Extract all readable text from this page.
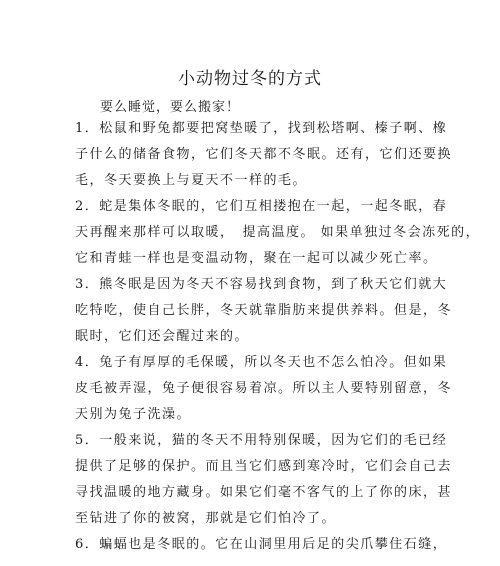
小动物过冬的方式
要么睡觉，要么搬家！
1．松鼠和野兔都要把窝垫暖了，找到松塔啊、榛子啊、橡
子什么的储备食物，它们冬天都不冬眠。还有，它们还要换
毛，冬天要换上与夏天不一样的毛。
2．蛇是集体冬眠的，它们互相搂抱在一起，一起冬眠，春
天再醒来那样可以取暖，　提高温度。 如果单独过冬会冻死的，
它和青蛙一样也是变温动物，聚在一起可以减少死亡率。
3．熊冬眠是因为冬天不容易找到食物，到了秋天它们就大
吃特吃，使自己长胖，冬天就靠脂肪来提供养料。但是，冬
眠时，它们还会醒过来的。
4．兔子有厚厚的毛保暖，所以冬天也不怎么怕冷。但如果
皮毛被弄湿，兔子便很容易着凉。所以主人要特别留意，冬
天别为兔子洗澡。
5．一般来说，猫的冬天不用特别保暖，因为它们的毛已经
提供了足够的保护。而且当它们感到寒冷时，它们会自己去
寻找温暖的地方藏身。如果它们毫不客气的上了你的床，甚
至钻进了你的被窝，那就是它们怕冷了。
6．蝙蝠也是冬眠的。它在山洞里用后足的尖爪攀住石缝，
